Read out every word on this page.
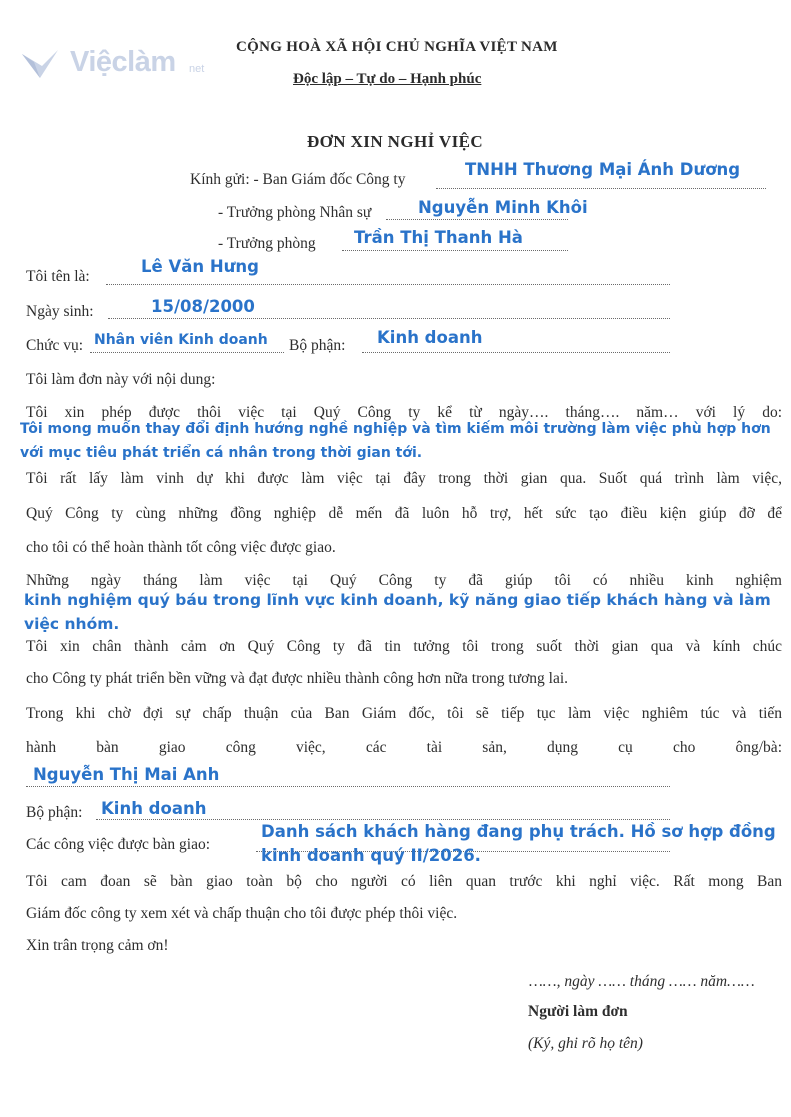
Việclàm net
CỘNG HOÀ XÃ HỘI CHỦ NGHĨA VIỆT NAM
Độc lập – Tự do – Hạnh phúc
ĐƠN XIN NGHỈ VIỆC
Kính gửi: - Ban Giám đốc Công ty
TNHH Thương Mại Ánh Dương
- Trưởng phòng Nhân sự	Nguyễn Minh Khôi
- Trưởng phòng Trần Thị Thanh Hà
Tôi tên là:
Lê Văn Hưng
Ngày sinh:	15/08/2000
Chức vụ: Nhân viên Kinh doanh Bộ phận: Kinh doanh
Tôi làm đơn này với nội dung:
Tôi xin phép được thôi việc tại Quý Công ty kể từ ngày…. tháng…. năm… với lý do:
Tôi mong muốn thay đổi định hướng nghề nghiệp và tìm kiếm môi trường làm việc phù hợp hơn với mục tiêu phát triển cá nhân trong thời gian tới.
Tôi rất lấy làm vinh dự khi được làm việc tại đây trong thời gian qua. Suốt quá trình làm việc,
Quý Công ty cùng những đồng nghiệp dễ mến đã luôn hỗ trợ, hết sức tạo điều kiện giúp đỡ để
cho tôi có thể hoàn thành tốt công việc được giao.
Những ngày tháng làm việc tại Quý Công ty đã giúp tôi có nhiều kinh nghiệm
kinh nghiệm quý báu trong lĩnh vực kinh doanh, kỹ năng giao tiếp khách hàng và làm việc nhóm.
Tôi xin chân thành cảm ơn Quý Công ty đã tin tưởng tôi trong suốt thời gian qua và kính chúc
cho Công ty phát triển bền vững và đạt được nhiều thành công hơn nữa trong tương lai.
Trong khi chờ đợi sự chấp thuận của Ban Giám đốc, tôi sẽ tiếp tục làm việc nghiêm túc và tiến
hành bàn giao công việc, các tài sản, dụng cụ cho ông/bà:
Nguyễn Thị Mai Anh
Bộ phận: Kinh doanh
Các công việc được bàn giao:
Danh sách khách hàng đang phụ trách. Hồ sơ hợp đồng kinh doanh quý II/2026.
Tôi cam đoan sẽ bàn giao toàn bộ cho người có liên quan trước khi nghỉ việc. Rất mong Ban
Giám đốc công ty xem xét và chấp thuận cho tôi được phép thôi việc.
Xin trân trọng cảm ơn!
……, ngày …… tháng …… năm……
Người làm đơn
(Ký, ghi rõ họ tên)
